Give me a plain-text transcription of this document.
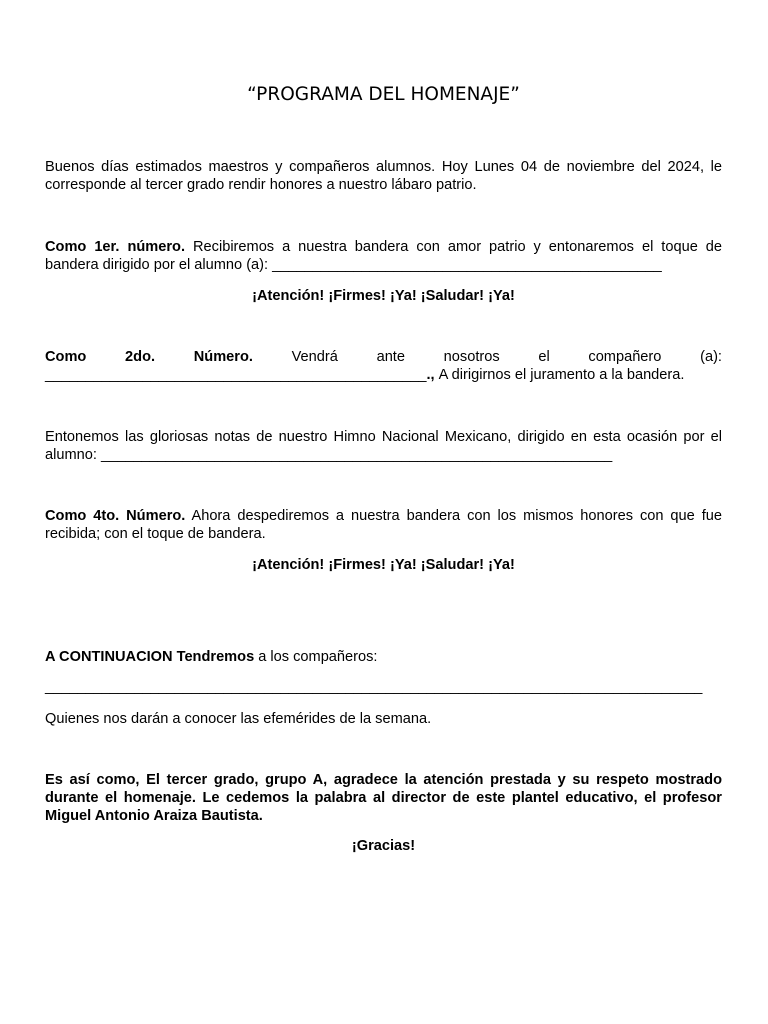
“PROGRAMA DEL HOMENAJE”

Buenos días estimados maestros y compañeros alumnos. Hoy Lunes 04 de noviembre del 2024, le corresponde al tercer grado rendir honores a nuestro lábaro patrio.

Como 1er. número. Recibiremos a nuestra bandera con amor patrio y entonaremos el toque de bandera dirigido por el alumno (a): ________________________________________________

¡Atención! ¡Firmes! ¡Ya! ¡Saludar! ¡Ya!

Como	2do.	Número.	Vendrá	ante	nosotros	el	compañero	(a):
_______________________________________________., A dirigirnos el juramento a la bandera.

Entonemos las gloriosas notas de nuestro Himno Nacional Mexicano, dirigido en esta ocasión por el alumno: _______________________________________________________________

Como 4to. Número. Ahora despediremos a nuestra bandera con los mismos honores con que fue recibida; con el toque de bandera.

¡Atención! ¡Firmes! ¡Ya! ¡Saludar! ¡Ya!

A CONTINUACION Tendremos a los compañeros:

_________________________________________________________________________________

Quienes nos darán a conocer las efemérides de la semana.

Es así como, El tercer grado, grupo A, agradece la atención prestada y su respeto mostrado durante el homenaje. Le cedemos la palabra al director de este plantel educativo, el profesor Miguel Antonio Araiza Bautista.

¡Gracias!
